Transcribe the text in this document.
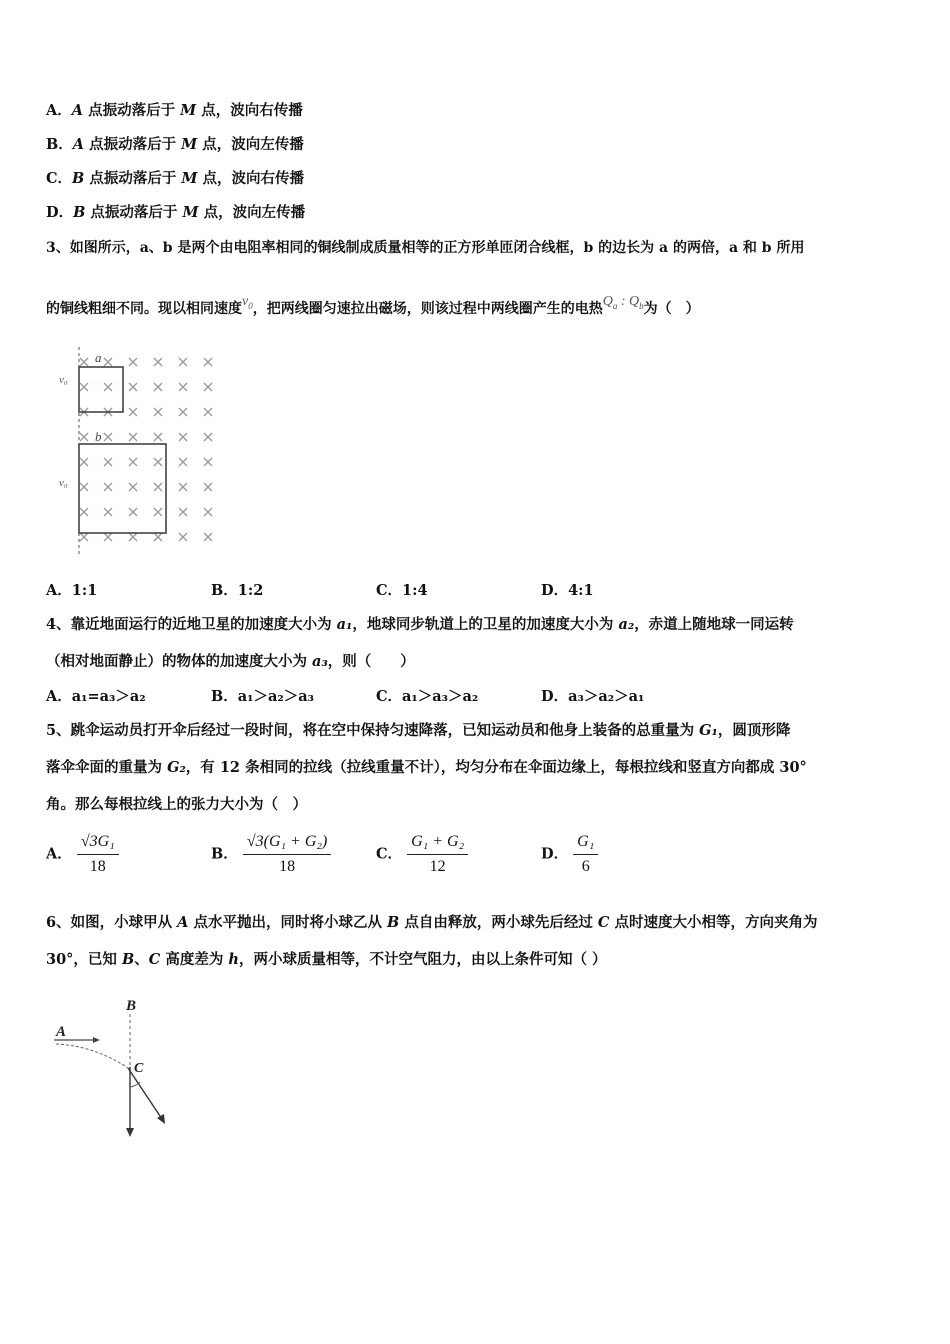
A．A 点振动落后于 M 点，波向右传播
B．A 点振动落后于 M 点，波向左传播
C．B 点振动落后于 M 点，波向右传播
D．B 点振动落后于 M 点，波向左传播
3、如图所示，a、b 是两个由电阻率相同的铜线制成质量相等的正方形单匝闭合线框，b 的边长为 a 的两倍，a 和 b 所用
的铜线粗细不同。现以相同速度$v_0$，把两线圈匀速拉出磁场，则该过程中两线圈产生的电热$Q_a$ : $Q_b$为（　）
a
b
v₀
v₀
A．1:1	B．1:2	C．1:4	D．4:1
4、靠近地面运行的近地卫星的加速度大小为 a₁，地球同步轨道上的卫星的加速度大小为 a₂，赤道上随地球一同运转
（相对地面静止）的物体的加速度大小为 a₃，则（　　）
A．a₁=a₃＞a₂	B．a₁＞a₂＞a₃	C．a₁＞a₃＞a₂	D．a₃＞a₂＞a₁
5、跳伞运动员打开伞后经过一段时间，将在空中保持匀速降落，已知运动员和他身上装备的总重量为 G₁，圆顶形降
落伞伞面的重量为 G₂，有 12 条相同的拉线（拉线重量不计），均匀分布在伞面边缘上，每根拉线和竖直方向都成 30°
角。那么每根拉线上的张力大小为（　）
A． $\frac{\text{√3G₁}}{18}$	B． $\frac{\text{√3(G₁ + G₂)}}{18}$	C． $\frac{\text{G₁ + G₂}}{12}$	D． $\frac{\text{G₁}}{6}$
6、如图，小球甲从 A 点水平抛出，同时将小球乙从 B 点自由释放，两小球先后经过 C 点时速度大小相等，方向夹角为
30°，已知 B、C 高度差为 h，两小球质量相等，不计空气阻力，由以上条件可知（ ）
B
A
C
